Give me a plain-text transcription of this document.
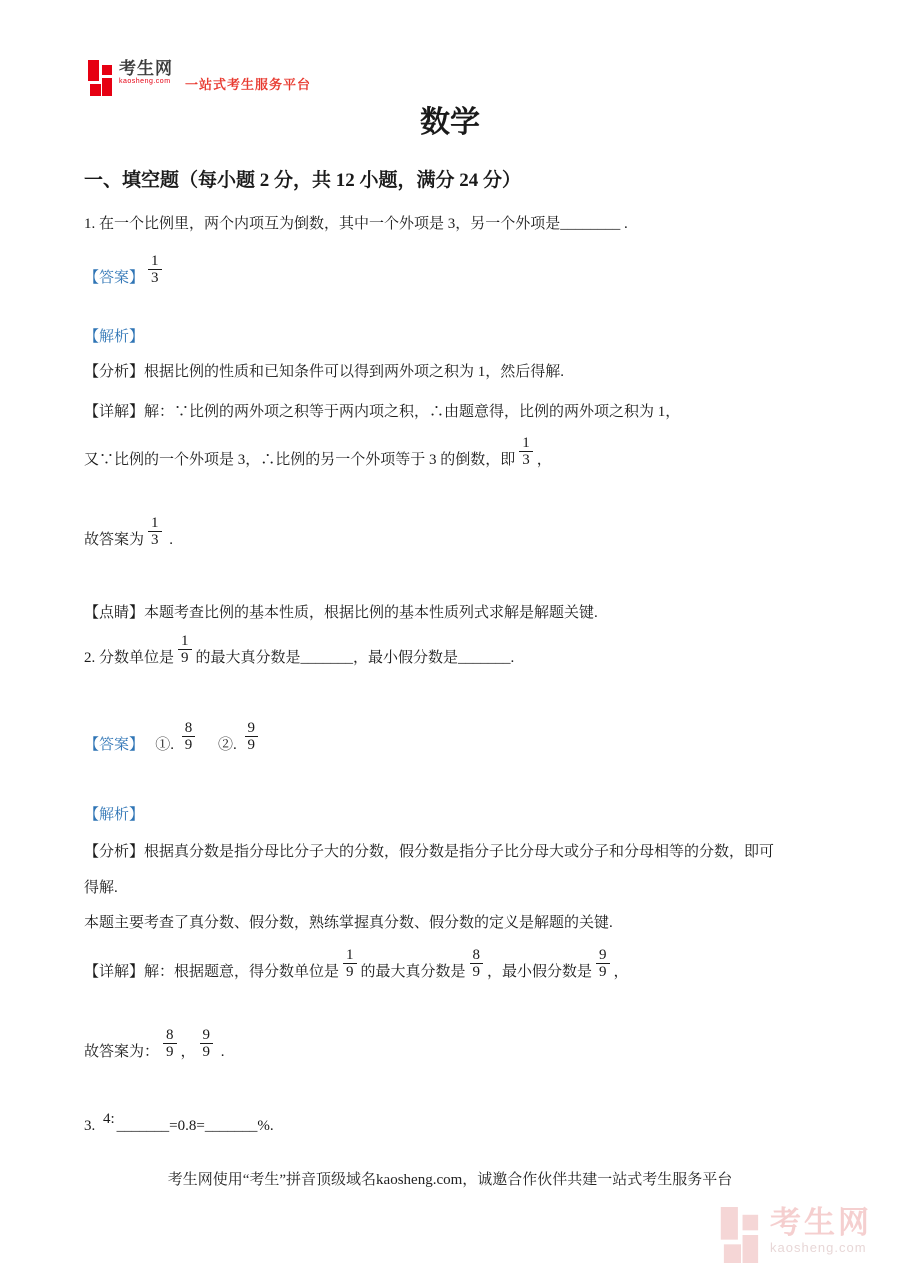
考生网
kaosheng.com 一站式考生服务平台
数学
一、填空题（每小题 2 分，共 12 小题，满分 24 分）
1. 在一个比例里，两个内项互为倒数，其中一个外项是 3，另一个外项是________ .
【答案】 $\frac{1}{3}$
【解析】
【分析】根据比例的性质和已知条件可以得到两外项之积为 1，然后得解.
【详解】解：∵比例的两外项之积等于两内项之积，∴由题意得，比例的两外项之积为 1，
又∵比例的一个外项是 3，∴比例的另一个外项等于 3 的倒数，即 $\frac{1}{3}$ ，
故答案为 $\frac{1}{3}$ .
【点睛】本题考查比例的基本性质，根据比例的基本性质列式求解是解题关键.
2. 分数单位是 $\frac{1}{9}$ 的最大真分数是_______，最小假分数是_______.
【答案】　 ①. $\frac{8}{9}$ 　 ②. $\frac{9}{9}$
【解析】
【分析】根据真分数是指分母比分子大的分数，假分数是指分子比分母大或分子和分母相等的分数，即可
得解.
本题主要考查了真分数、假分数，熟练掌握真分数、假分数的定义是解题的关键.
【详解】解：根据题意，得分数单位是 $\frac{1}{9}$ 的最大真分数是 $\frac{8}{9}$ ，最小假分数是 $\frac{9}{9}$ ，
故答案为： $\frac{8}{9}$ ， $\frac{9}{9}$ .
3. 4: _______=0.8=_______%.
考生网使用“考生”拼音顶级域名kaosheng.com，诚邀合作伙伴共建一站式考生服务平台
考生网
kaosheng.com
